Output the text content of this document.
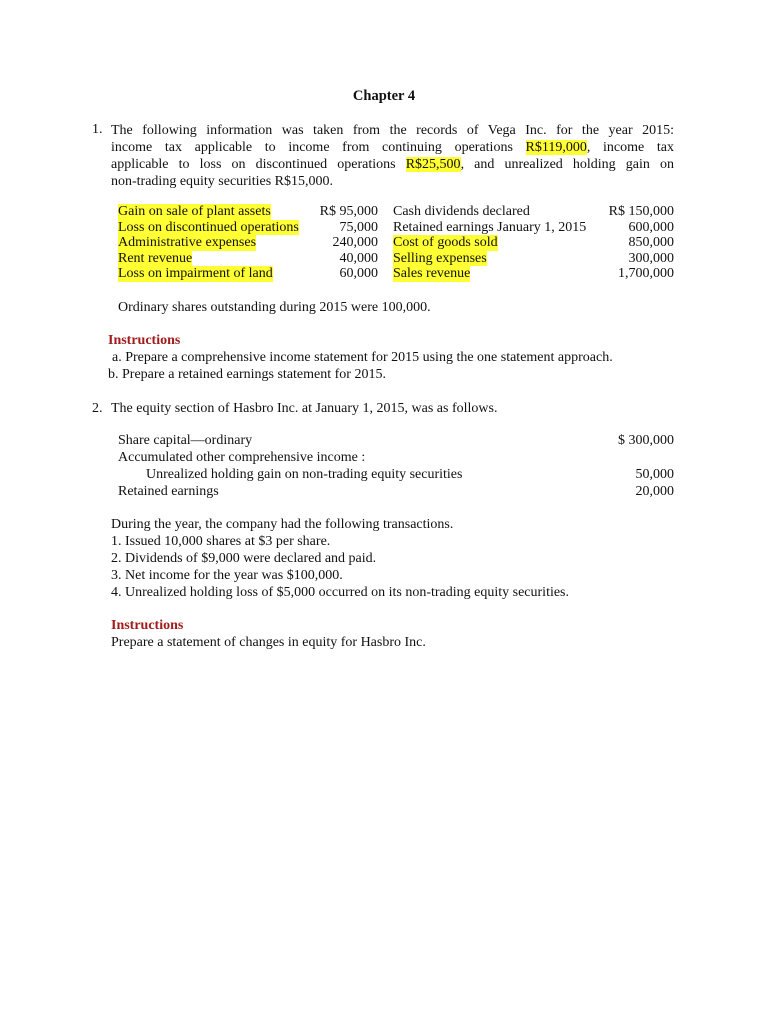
Chapter 4
1. The following information was taken from the records of Vega Inc. for the year 2015:
income tax applicable to income from continuing operations R$119,000, income tax
applicable to loss on discontinued operations R$25,500, and unrealized holding gain on
non-trading equity securities R$15,000.
Gain on sale of plant assets	R$ 95,000 Cash dividends declared	R$ 150,000
Loss on discontinued operations	75,000 Retained earnings January 1, 2015	600,000
Administrative expenses	240,000 Cost of goods sold	850,000
Rent revenue	40,000 Selling expenses	300,000
Loss on impairment of land	60,000 Sales revenue	1,700,000
Ordinary shares outstanding during 2015 were 100,000.
Instructions
a. Prepare a comprehensive income statement for 2015 using the one statement approach.
b. Prepare a retained earnings statement for 2015.
2. The equity section of Hasbro Inc. at January 1, 2015, was as follows.
Share capital—ordinary	$ 300,000
Accumulated other comprehensive income :
Unrealized holding gain on non-trading equity securities	50,000
Retained earnings	20,000
During the year, the company had the following transactions.
1. Issued 10,000 shares at $3 per share.
2. Dividends of $9,000 were declared and paid.
3. Net income for the year was $100,000.
4. Unrealized holding loss of $5,000 occurred on its non-trading equity securities.
Instructions
Prepare a statement of changes in equity for Hasbro Inc.
